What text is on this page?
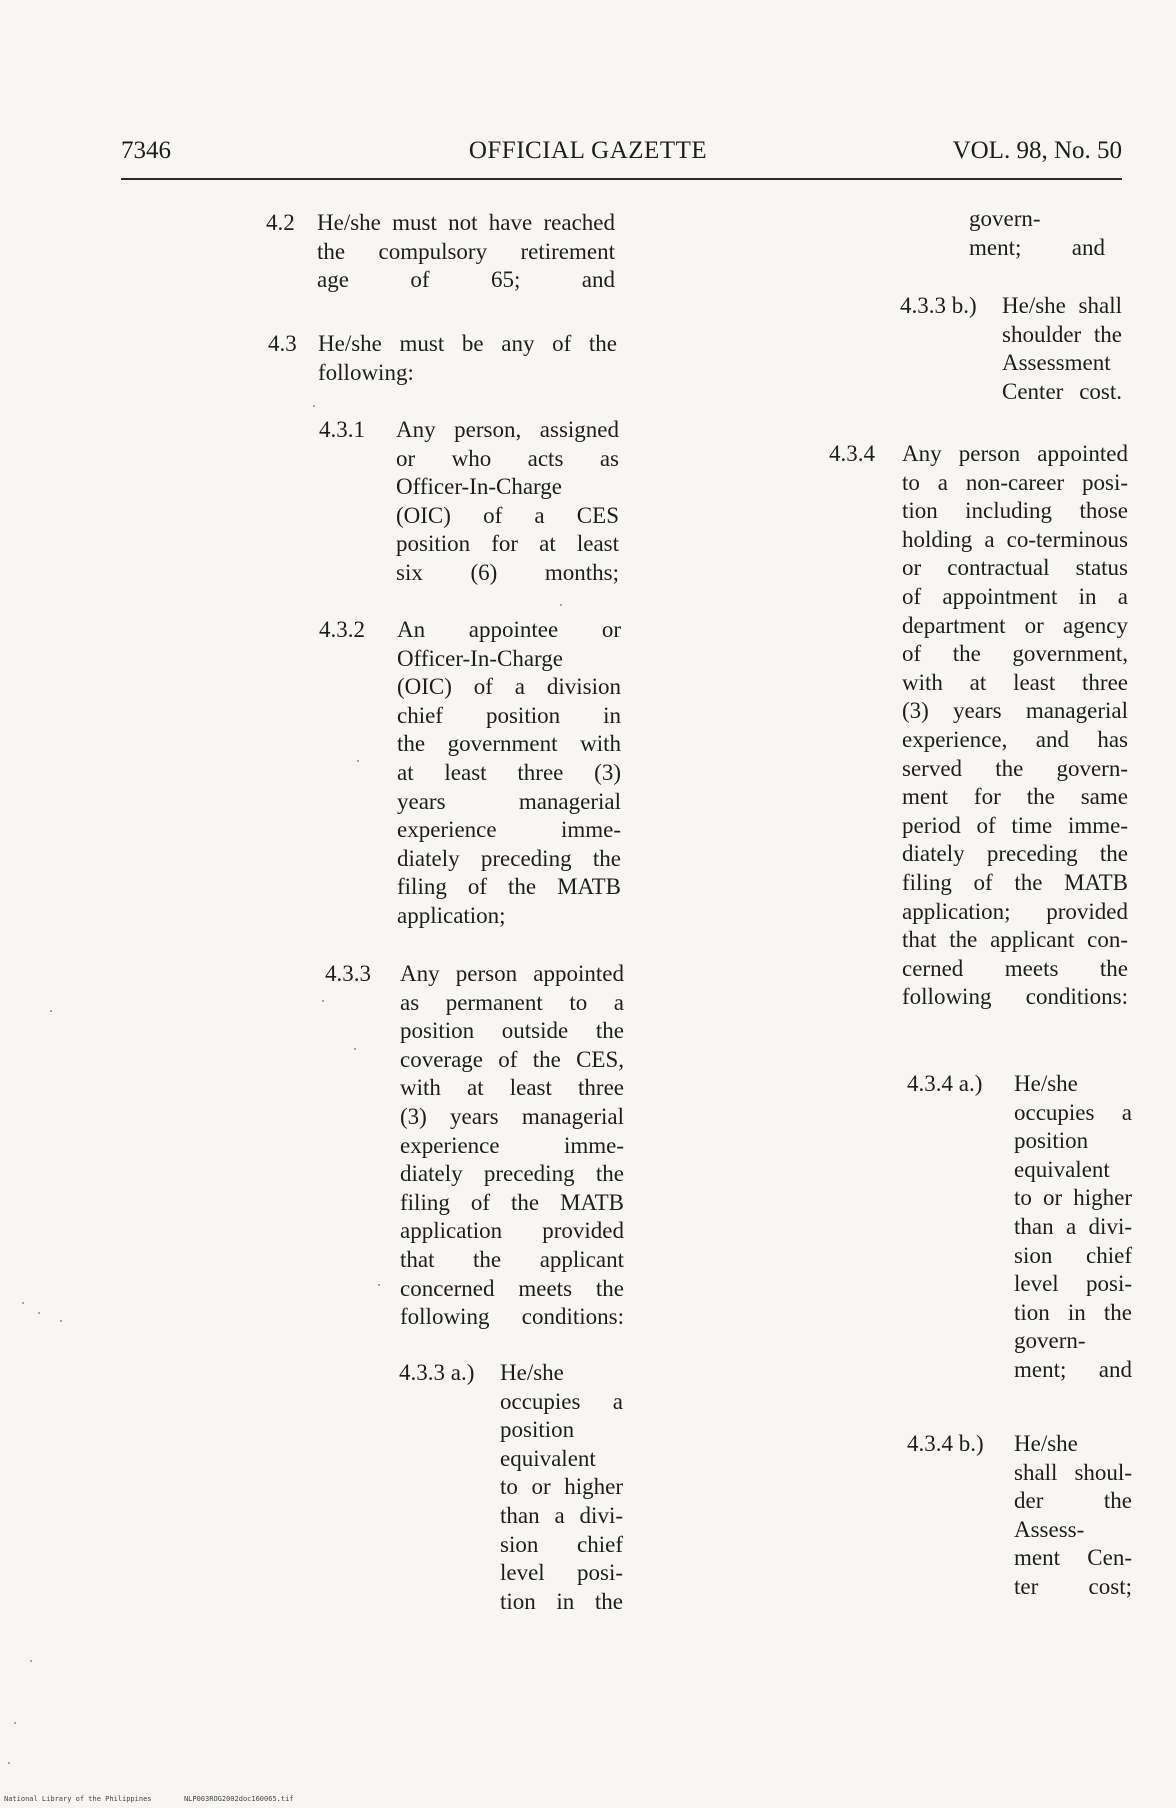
7346	OFFICIAL GAZETTE	VOL. 98, No. 50
4.2 He/she must not have reached
the compulsory retirement
age of 65; and
4.3 He/she must be any of the
following:
4.3.1 Any person, assigned
or who acts as
Officer-In-Charge
(OIC) of a CES
position for at least
six (6) months;
4.3.2 An appointee or
Officer-In-Charge
(OIC) of a division
chief position in
the government with
at least three (3)
years managerial
experience imme-
diately preceding the
filing of the MATB
application;
4.3.3 Any person appointed
as permanent to a
position outside the
coverage of the CES,
with at least three
(3) years managerial
experience imme-
diately preceding the
filing of the MATB
application provided
that the applicant
concerned meets the
following conditions:
4.3.3 a.) He/she
occupies a
position
equivalent
to or higher
than a divi-
sion chief
level posi-
tion in the
govern-
ment; and
4.3.3 b.) He/she shall
shoulder the
Assessment
Center cost.
4.3.4 Any person appointed
to a non-career posi-
tion including those
holding a co-terminous
or contractual status
of appointment in a
department or agency
of the government,
with at least three
(3) years managerial
experience, and has
served the govern-
ment for the same
period of time imme-
diately preceding the
filing of the MATB
application; provided
that the applicant con-
cerned meets the
following conditions:
4.3.4 a.) He/she
occupies a
position
equivalent
to or higher
than a divi-
sion chief
level posi-
tion in the
govern-
ment; and
4.3.4 b.) He/she
shall shoul-
der the
Assess-
ment Cen-
ter cost;
National Library of the Philippines	NLP003ROG2002doc160065.tif
